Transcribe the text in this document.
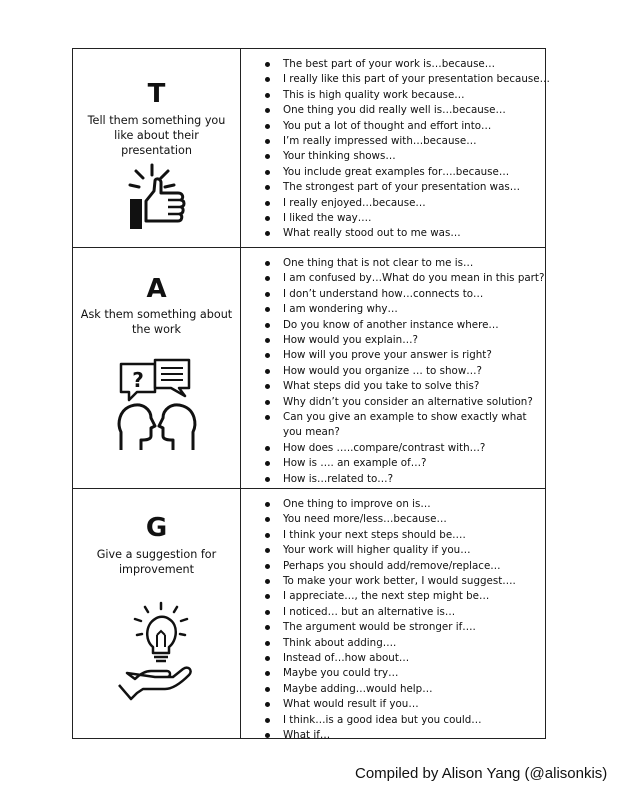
T
Tell them something you like about their presentation
The best part of your work is…because…
I really like this part of your presentation because…
This is high quality work because…
One thing you did really well is…because…
You put a lot of thought and effort into…
I’m really impressed with…because…
Your thinking shows…
You include great examples for….because…
The strongest part of your presentation was…
I really enjoyed…because…
I liked the way….
What really stood out to me was…
A
Ask them something about the work
?
One thing that is not clear to me is…
I am confused by…What do you mean in this part?
I don’t understand how…connects to…
I am wondering why…
Do you know of another instance where…
How would you explain…?
How will you prove your answer is right?
How would you organize … to show…?
What steps did you take to solve this?
Why didn’t you consider an alternative solution?
Can you give an example to show exactly what you mean?
How does …..compare/contrast with…?
How is …. an example of…?
How is…related to…?
G
Give a suggestion for improvement
One thing to improve on is…
You need more/less…because…
I think your next steps should be….
Your work will higher quality if you…
Perhaps you should add/remove/replace…
To make your work better, I would suggest….
I appreciate…, the next step might be…
I noticed… but an alternative is…
The argument would be stronger if….
Think about adding….
Instead of…how about…
Maybe you could try…
Maybe adding…would help…
What would result if you…
I think…is a good idea but you could…
What if…
Compiled by Alison Yang (@alisonkis)
